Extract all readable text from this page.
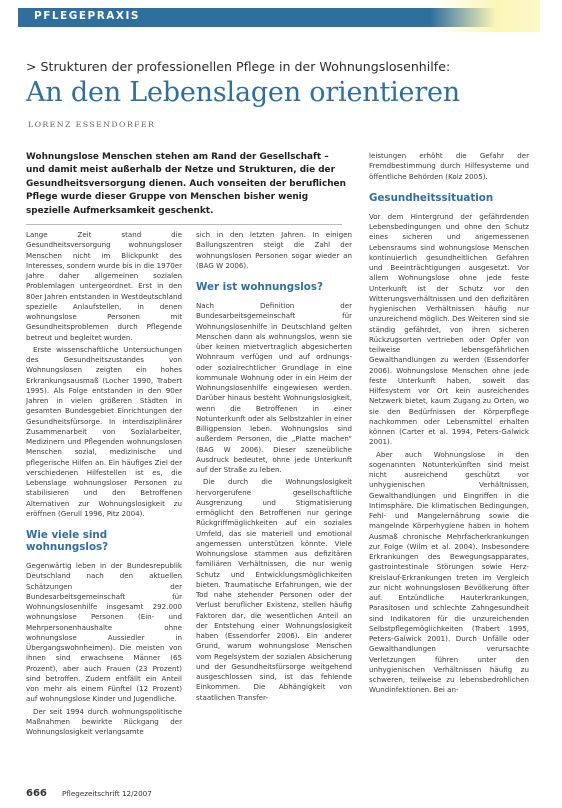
PFLEGEPRAXIS
> Strukturen der professionellen Pflege in der Wohnungslosenhilfe:
An den Lebenslagen orientieren
LORENZ ESSENDORFER
Wohnungslose Menschen stehen am Rand der Gesellschaft – und damit meist außerhalb der Netze und Strukturen, die der Gesundheitsversorgung dienen. Auch vonseiten der beruflichen Pflege wurde dieser Gruppe von Menschen bisher wenig spezielle Aufmerksamkeit geschenkt.

Lange Zeit stand die Gesundheitsversorgung wohnungsloser Menschen nicht im Blickpunkt des Interesses, sondern wurde bis in die 1970er Jahre daher allgemeinen sozialen Problemlagen untergeordnet. Erst in den 80er Jahren entstanden in Westdeutschland spezielle Anlaufstellen, in denen wohnungslose Personen mit Gesundheitsproblemen durch Pflegende betreut und begleitet wurden.

Erste wissenschaftliche Untersuchungen des Gesundheitszustandes von Wohnungslosen zeigten ein hohes Erkrankungsausmaß (Locher 1990, Trabert 1995). Als Folge entstanden in den 90er Jahren in vielen größeren Städten in gesamten Bundesgebiet Einrichtungen der Gesundheitsfürsorge. In interdisziplinärer Zusammenarbeit von Sozialarbeiter, Medizinern und Pflegenden wohnungslosen Menschen sozial, medizinische und pflegerische Hilfen an. Ein häufiges Ziel der verschiedenen Hilfestellen ist es, die Lebenslage wohnungsloser Personen zu stabilisieren und den Betroffenen Alternativen zur Wohnungslosigkeit zu eröffnen (Gerull 1996, Pitz 2004).

Wie viele sind wohnungslos?

Gegenwärtig leben in der Bundesrepublik Deutschland nach den aktuellen Schätzungen der Bundesarbeitsgemeinschaft für Wohnungslosenhilfe insgesamt 292.000 wohnungslose Personen (Ein- und Mehrpersonenhaushalte ohne wohnungslose Aussiedler in Übergangswohnheimen). Die meisten von ihnen sind erwachsene Männer (65 Prozent), aber auch Frauen (23 Prozent) sind betroffen. Zudem entfällt ein Anteil von mehr als einem Fünftel (12 Prozent) auf wohnungslose Kinder und Jugendliche.

Der seit 1994 durch wohnungspolitische Maßnahmen bewirkte Rückgang der Wohnungslosigkeit verlangsamte

sich in den letzten Jahren. In einigen Ballungszentren steigt die Zahl der wohnungslosen Personen sogar wieder an (BAG W 2006).

Wer ist wohnungslos?

Nach Definition der Bundesarbeitsgemeinschaft für Wohnungslosenhilfe in Deutschland gelten Menschen dann als wohnungslos, wenn sie über keinen mietvertraglich abgesicherten Wohnraum verfügen und auf ordnungs- oder sozialrechtlicher Grundlage in eine kommunale Wohnung oder in ein Heim der Wohnungslosenhilfe eingewiesen werden. Darüber hinaus besteht Wohnungslosigkeit, wenn die Betroffenen in einer Notunterkunft oder als Selbstzahler in einer Billigpension leben. Wohnungslos sind außerdem Personen, die „Platte machen“ (BAG W 2006). Dieser szeneübliche Ausdruck bedeutet, ohne jede Unterkunft auf der Straße zu leben.

Die durch die Wohnungslosigkeit hervorgerufene gesellschaftliche Ausgrenzung und Stigmatisierung ermöglicht den Betroffenen nur geringe Rückgriffmöglichkeiten auf ein soziales Umfeld, das sie materiell und emotional angemessen unterstützen könnte. Viele Wohnungslose stammen aus defizitären familiären Verhältnissen, die nur wenig Schutz und Entwicklungsmöglichkeiten bieten. Traumatische Erfahrungen, wie der Tod nahe stehender Personen oder der Verlust beruflicher Existenz, stellen häufig Faktoren dar, die wesentlichen Anteil an der Entstehung einer Wohnungslosigkeit haben (Essendorfer 2006). Ein anderer Grund, warum wohnungslose Menschen vom Regelsystem der sozialen Absicherung und der Gesundheitsfürsorge weitgehend ausgeschlossen sind, ist das fehlende Einkommen. Die Abhängigkeit von staatlichen Transfer-

leistungen erhöht die Gefahr der Fremdbestimmung durch Hilfesysteme und öffentliche Behörden (Kolz 2005).

Gesundheitssituation

Vor dem Hintergrund der gefährdenden Lebensbedingungen und ohne den Schutz eines sicheren und angemessenen Lebensraums sind wohnungslose Menschen kontinuierlich gesundheitlichen Gefahren und Beeinträchtigungen ausgesetzt. Vor allem Wohnungslose ohne jede feste Unterkunft ist der Schutz vor den Witterungsverhältnissen und den defizitären hygienischen Verhältnissen häufig nur unzureichend möglich. Des Weiteren sind sie ständig gefährdet, von ihren sicheren Rückzugsorten vertrieben oder Opfer von teilweise lebensgefährlichen Gewalthandlungen zu werden (Essendorfer 2006). Wohnungslose Menschen ohne jede feste Unterkunft haben, soweit das Hilfesystem vor Ort kein ausreichendes Netzwerk bietet, kaum Zugang zu Orten, wo sie den Bedürfnissen der Körperpflege nachkommen oder Lebensmittel erhalten können (Carter et al. 1994, Peters-Galwick 2001).

Aber auch Wohnungslose in den sogenannten Notunterkünften sind meist nicht ausreichend geschützt vor unhygienischen Verhältnissen, Gewalthandlungen und Eingriffen in die Intimsphäre. Die klimatischen Bedingungen, Fehl- und Mangelernährung sowie die mangelnde Körperhygiene haben in hohem Ausmaß chronische Mehrfacherkrankungen zur Folge (Wilm et al. 2004). Insbesondere Erkrankungen des Bewegungsapparates, gastrointestinale Störungen sowie Herz-Kreislauf-Erkrankungen treten im Vergleich zur nicht wohnungslosen Bevölkerung öfter auf. Entzündliche Hauterkrankungen, Parasitosen und schlechte Zahngesundheit sind Indikatoren für die unzureichenden Selbstpflegemöglichkeiten (Trabert 1995, Peters-Galwick 2001). Durch Unfälle oder Gewalthandlungen verursachte Verletzungen führen unter den unhygienischen Verhältnissen häufig zu schweren, teilweise zu lebensbedrohlichen Wundinfektionen. Bei an-

666 Pflegezeitschrift 12/2007
